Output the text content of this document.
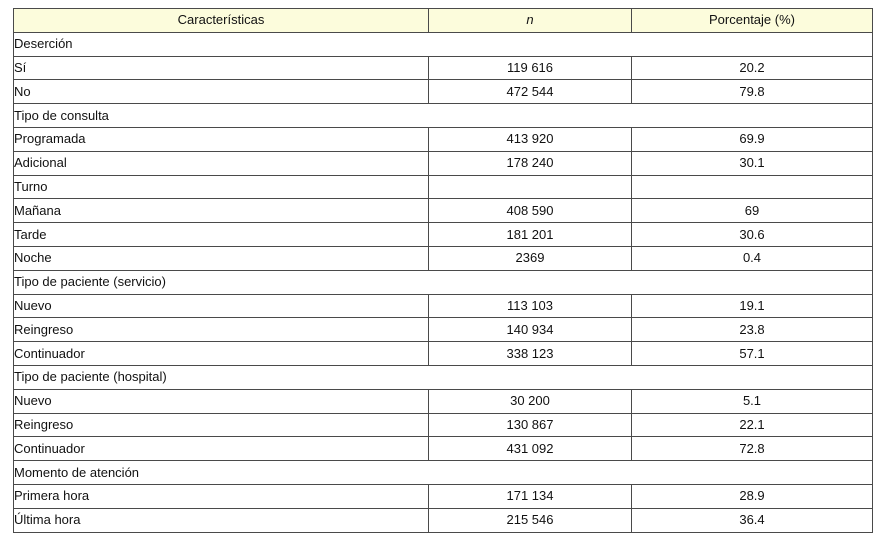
Características	n	Porcentaje (%)
Deserción		
Sí	119 616	20.2
No	472 544	79.8
Tipo de consulta		
Programada	413 920	69.9
Adicional	178 240	30.1
Turno		
Mañana	408 590	69
Tarde	181 201	30.6
Noche	2369	0.4
Tipo de paciente (servicio)		
Nuevo	113 103	19.1
Reingreso	140 934	23.8
Continuador	338 123	57.1
Tipo de paciente (hospital)		
Nuevo	30 200	5.1
Reingreso	130 867	22.1
Continuador	431 092	72.8
Momento de atención		
Primera hora	171 134	28.9
Última hora	215 546	36.4
